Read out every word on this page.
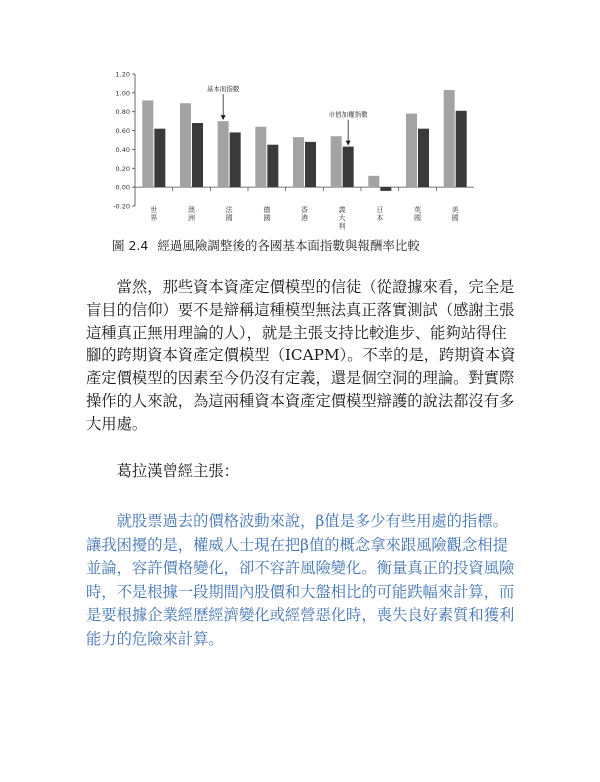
1.20
1.00
0.80
0.60
0.40
0.20
0.00
-0.20	世界
澳洲
法國
德國
香港
義大利
日本
英國
美國
基本面指數
市值加權指數
圖 2.4 經過風險調整後的各國基本面指數與報酬率比較

當然，那些資本資產定價模型的信徒（從證據來看，完全是盲目的信仰）要不是辯稱這種模型無法真正落實測試（感謝主張這種真正無用理論的人），就是主張支持比較進步、能夠站得住腳的跨期資本資產定價模型（ICAPM）。不幸的是，跨期資本資產定價模型的因素至今仍沒有定義，還是個空洞的理論。對實際操作的人來說，為這兩種資本資產定價模型辯護的說法都沒有多大用處。

葛拉漢曾經主張：

就股票過去的價格波動來說，β值是多少有些用處的指標。讓我困擾的是，權威人士現在把β值的概念拿來跟風險觀念相提並論，容許價格變化，卻不容許風險變化。衡量真正的投資風險時，不是根據一段期間內股價和大盤相比的可能跌幅來計算，而是要根據企業經歷經濟變化或經營惡化時，喪失良好素質和獲利能力的危險來計算。
